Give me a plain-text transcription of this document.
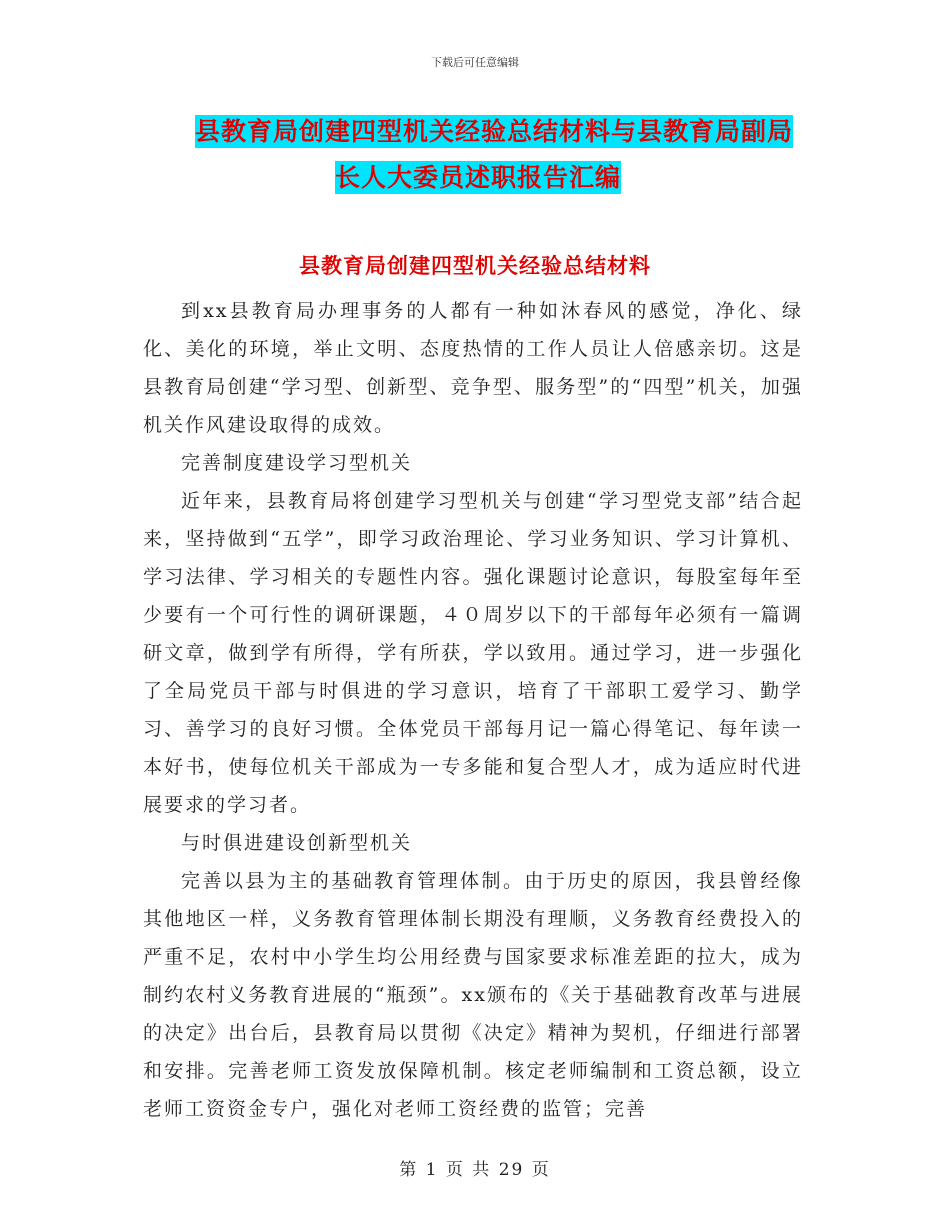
下载后可任意编辑
县教育局创建四型机关经验总结材料与县教育局副局
长人大委员述职报告汇编
县教育局创建四型机关经验总结材料

到xx县教育局办理事务的人都有一种如沐春风的感觉，净化、绿化、美化的环境，举止文明、态度热情的工作人员让人倍感亲切。这是县教育局创建“学习型、创新型、竞争型、服务型”的“四型”机关，加强机关作风建设取得的成效。

完善制度建设学习型机关

近年来，县教育局将创建学习型机关与创建“学习型党支部”结合起来，坚持做到“五学”，即学习政治理论、学习业务知识、学习计算机、学习法律、学习相关的专题性内容。强化课题讨论意识，每股室每年至少要有一个可行性的调研课题，４０周岁以下的干部每年必须有一篇调研文章，做到学有所得，学有所获，学以致用。通过学习，进一步强化了全局党员干部与时俱进的学习意识，培育了干部职工爱学习、勤学习、善学习的良好习惯。全体党员干部每月记一篇心得笔记、每年读一本好书，使每位机关干部成为一专多能和复合型人才，成为适应时代进展要求的学习者。

与时俱进建设创新型机关

完善以县为主的基础教育管理体制。由于历史的原因，我县曾经像其他地区一样，义务教育管理体制长期没有理顺，义务教育经费投入的严重不足，农村中小学生均公用经费与国家要求标准差距的拉大，成为制约农村义务教育进展的“瓶颈”。xx颁布的《关于基础教育改革与进展的决定》出台后，县教育局以贯彻《决定》精神为契机，仔细进行部署和安排。完善老师工资发放保障机制。核定老师编制和工资总额，设立老师工资资金专户，强化对老师工资经费的监管；完善

第 1 页 共 29 页
